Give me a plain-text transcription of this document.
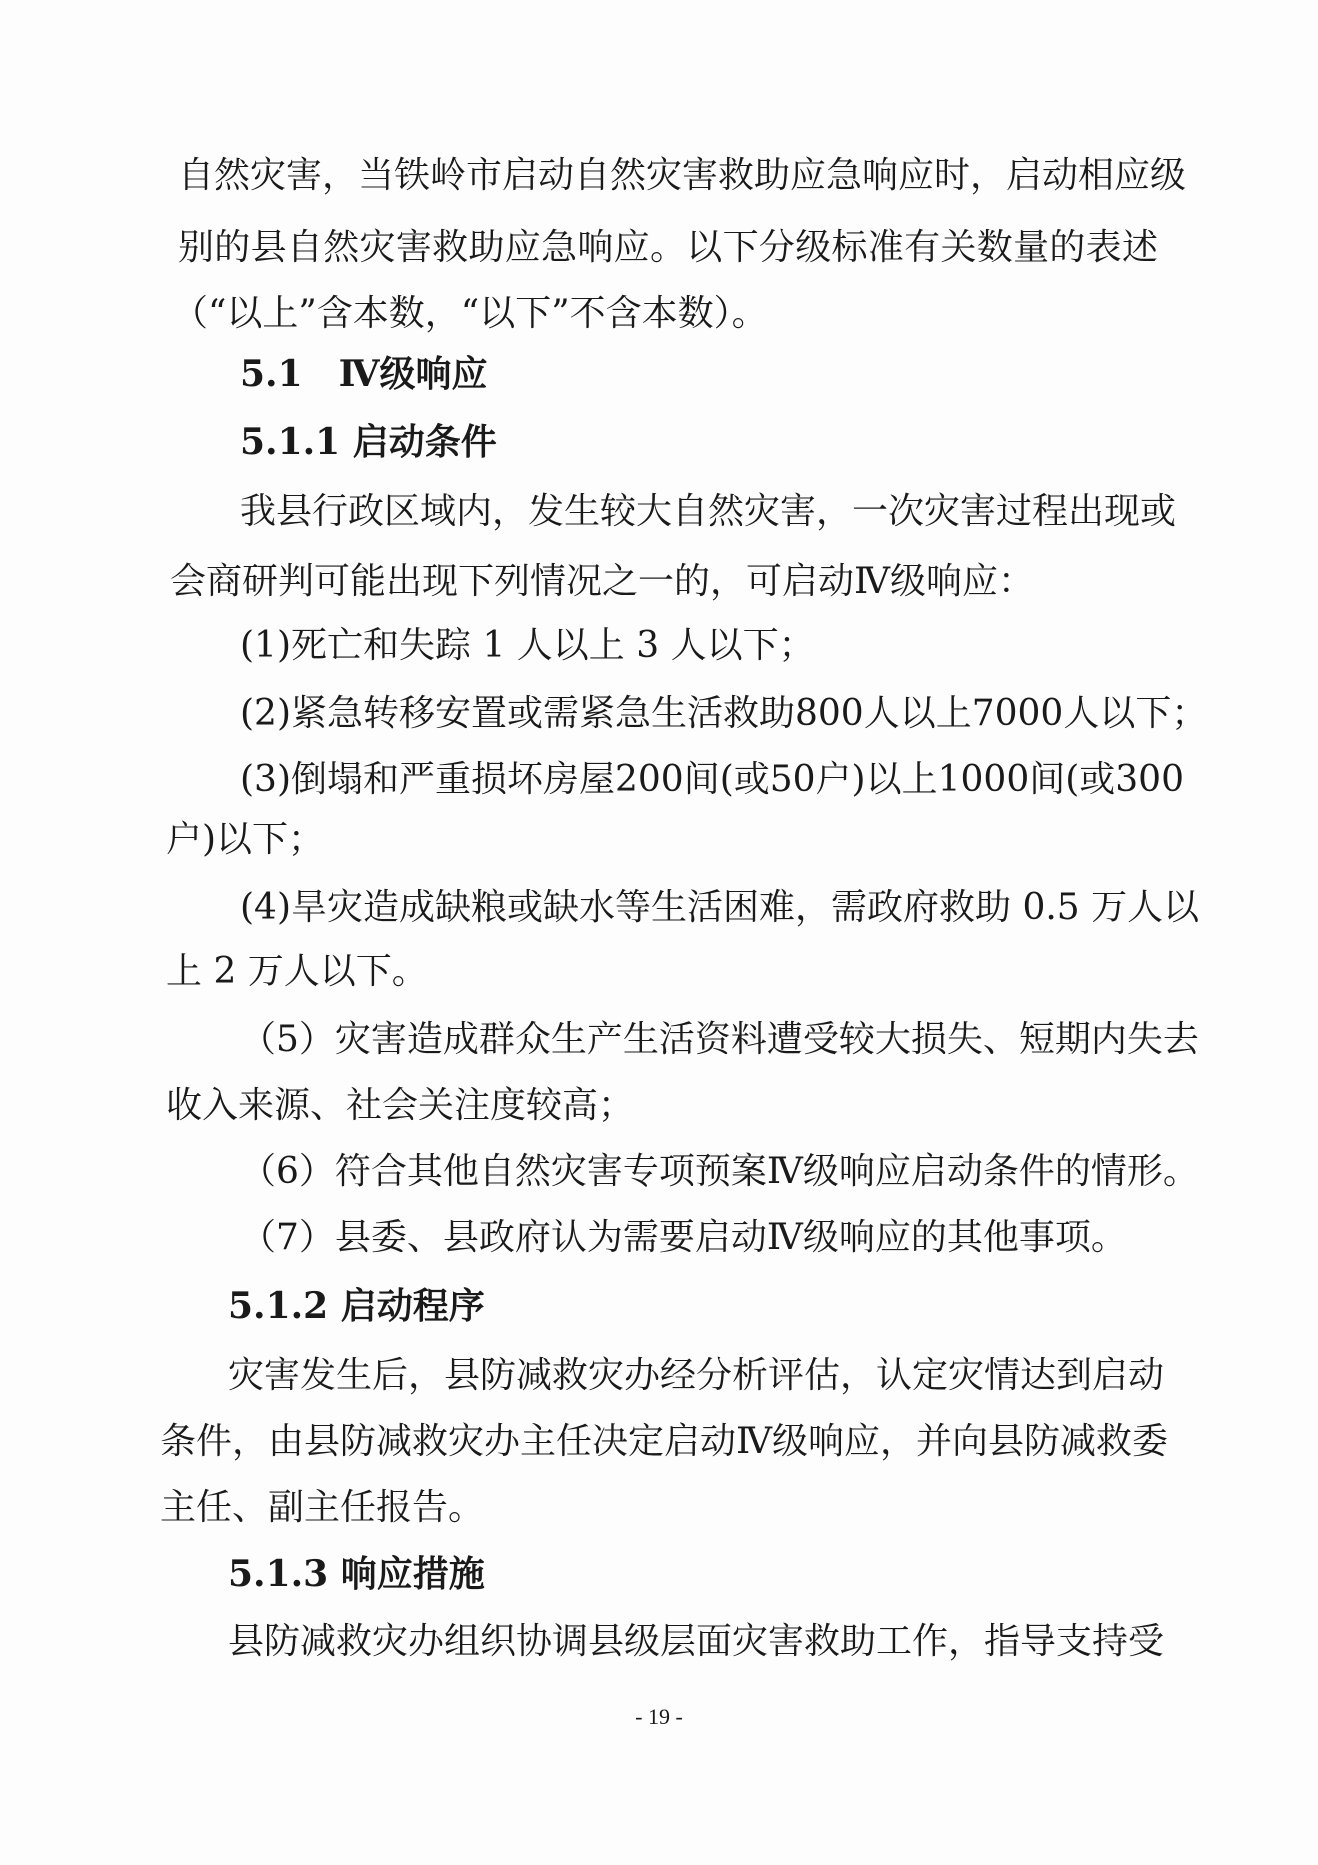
自然灾害，当铁岭市启动自然灾害救助应急响应时，启动相应级
别的县自然灾害救助应急响应。以下分级标准有关数量的表述
（“以上”含本数，“以下”不含本数）。
5.1　Ⅳ级响应
5.1.1 启动条件
我县行政区域内，发生较大自然灾害，一次灾害过程出现或
会商研判可能出现下列情况之一的，可启动Ⅳ级响应：
(1)死亡和失踪 1 人以上 3 人以下；
(2)紧急转移安置或需紧急生活救助800人以上7000人以下；
(3)倒塌和严重损坏房屋200间(或50户)以上1000间(或300
户)以下；
(4)旱灾造成缺粮或缺水等生活困难，需政府救助 0.5 万人以
上 2 万人以下。
（5）灾害造成群众生产生活资料遭受较大损失、短期内失去
收入来源、社会关注度较高；
（6）符合其他自然灾害专项预案Ⅳ级响应启动条件的情形。
（7）县委、县政府认为需要启动Ⅳ级响应的其他事项。
5.1.2 启动程序
灾害发生后，县防减救灾办经分析评估，认定灾情达到启动
条件，由县防减救灾办主任决定启动Ⅳ级响应，并向县防减救委
主任、副主任报告。
5.1.3 响应措施
县防减救灾办组织协调县级层面灾害救助工作，指导支持受
- 19 -
